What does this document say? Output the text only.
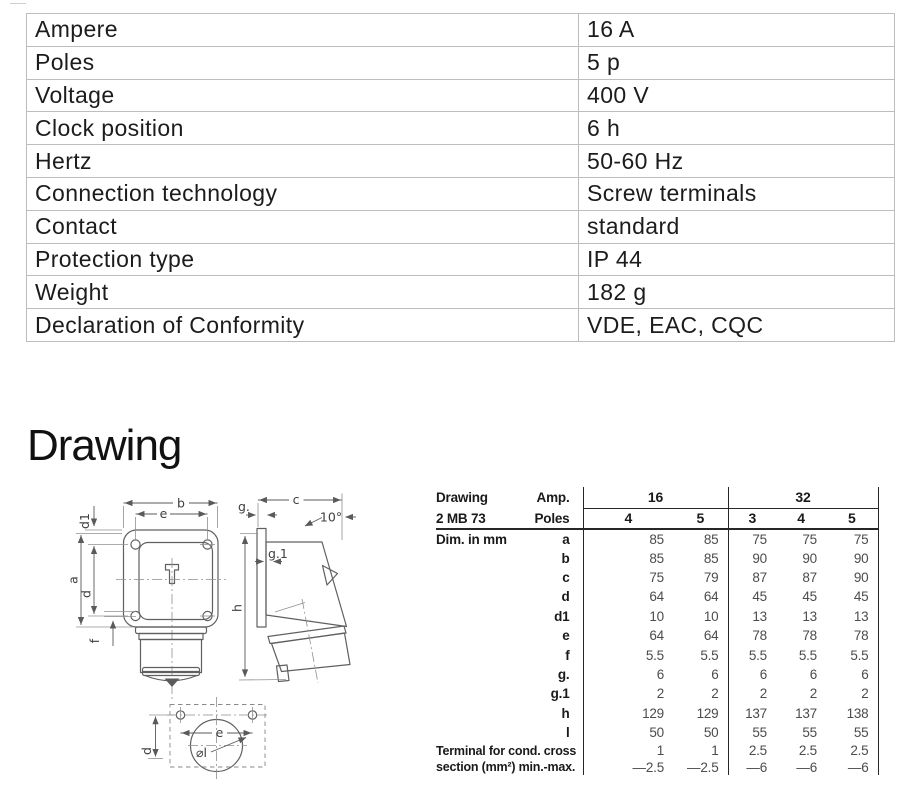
Ampere	16 A
Poles	5 p
Voltage	400 V
Clock position	6 h
Hertz	50-60 Hz
Connection technology	Screw terminals
Contact	standard
Protection type	IP 44
Weight	182 g
Declaration of Conformity	VDE, EAC, CQC
Drawing
b
e
d1
a
d
f
c
g.
g.1
10°
h
e
⌀l
d
Drawing	Amp.	16		32		
2 MB 73	Poles	4	5	3	4	5
Dim. in mm	a	85	85	75	75	75
	b	85	85	90	90	90
	c	75	79	87	87	90
	d	64	64	45	45	45
	d1	10	10	13	13	13
	e	64	64	78	78	78
	f	5.5	5.5	5.5	5.5	5.5
	g.	6	6	6	6	6
	g.1	2	2	2	2	2
	h	129	129	137	137	138
	l	50	50	55	55	55
Terminal for cond. cross		1	1	2.5	2.5	2.5
section (mm²) min.-max.		—2.5	—2.5	—6	—6	—6
